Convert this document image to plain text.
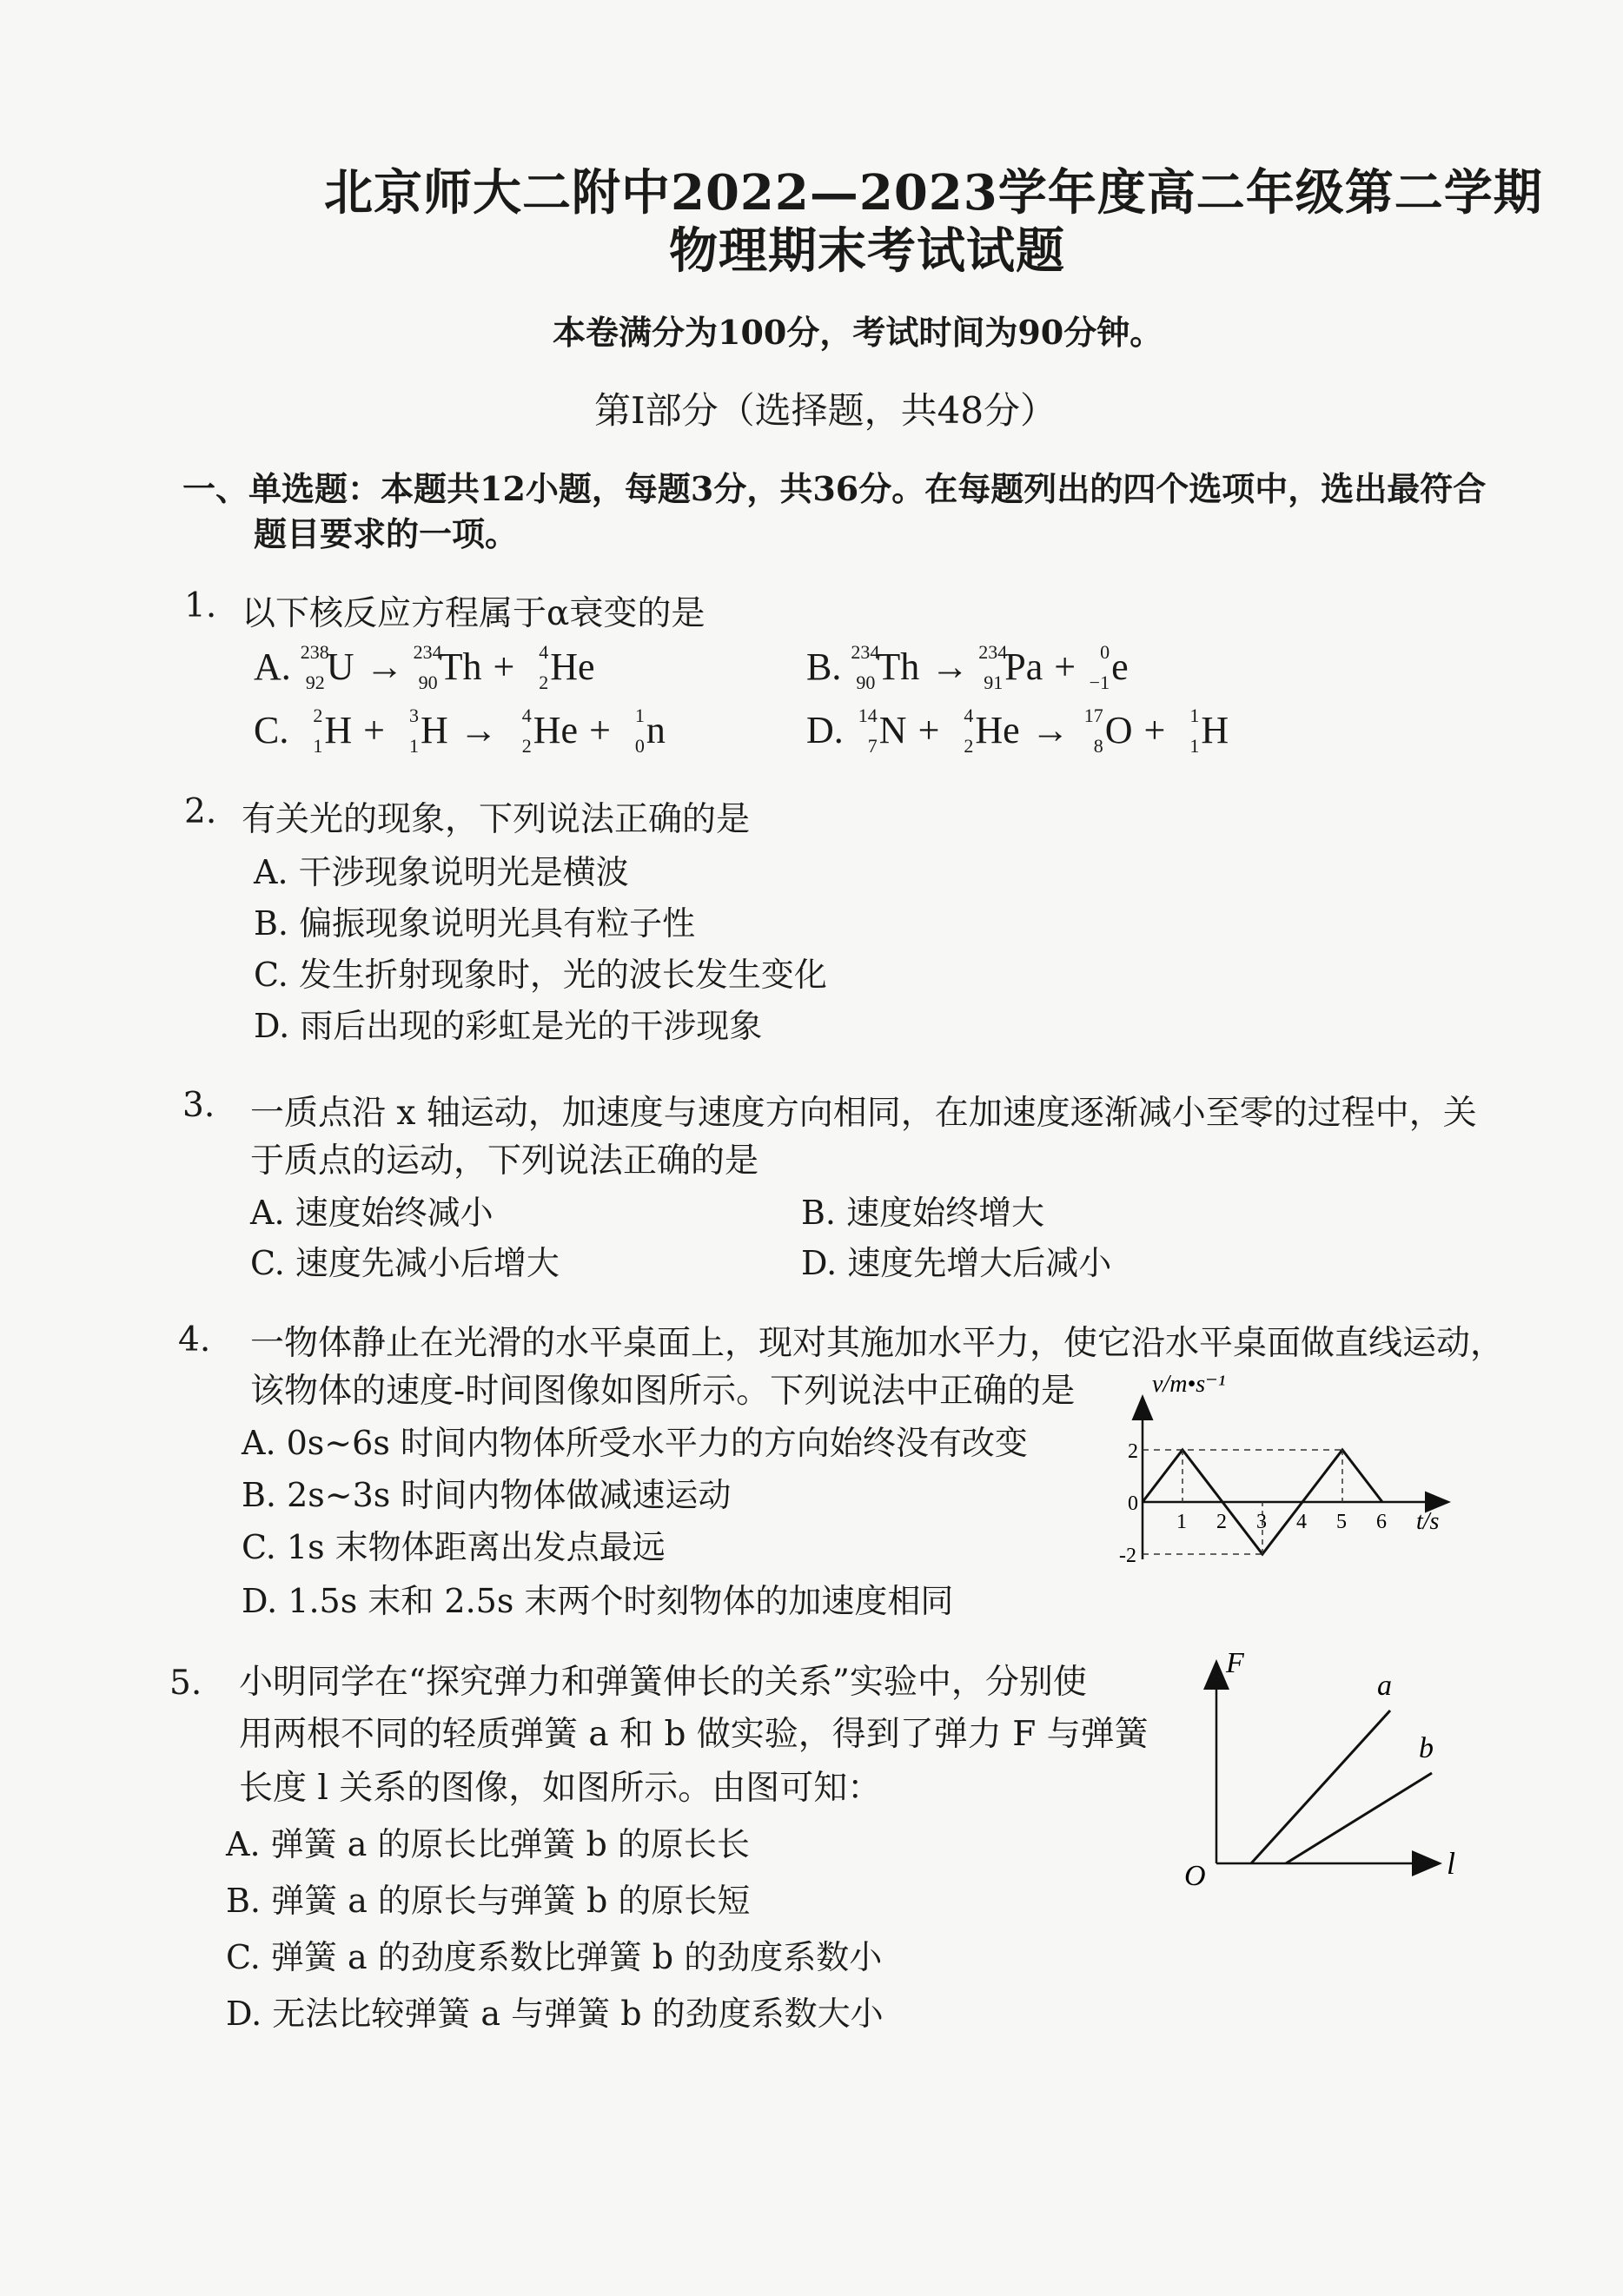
北京师大二附中2022—2023学年度高二年级第二学期
物理期末考试试题
本卷满分为100分，考试时间为90分钟。
第Ⅰ部分（选择题，共48分）
一、单选题：本题共12小题，每题3分，共36分。在每题列出的四个选项中，选出最符合
题目要求的一项。
1. 以下核反应方程属于α衰变的是
A. 238
92 U → 234
90 Th +	4
2 He	B. 234
90 Th → 234
91 Pa +	0
−1 e
C.	2
1 H +	3
1 H →	4
2 He +	1
0 n	D. 14
7 N +	4
2 He → 17
8 O +	1
1 H
2. 有关光的现象，下列说法正确的是
A. 干涉现象说明光是横波
B. 偏振现象说明光具有粒子性
C. 发生折射现象时，光的波长发生变化
D. 雨后出现的彩虹是光的干涉现象
3. 一质点沿 x 轴运动，加速度与速度方向相同，在加速度逐渐减小至零的过程中，关
于质点的运动，下列说法正确的是
A. 速度始终减小	B. 速度始终增大
C. 速度先减小后增大	D. 速度先增大后减小
4. 一物体静止在光滑的水平桌面上，现对其施加水平力，使它沿水平桌面做直线运动，
该物体的速度-时间图像如图所示。下列说法中正确的是
A. 0s~6s 时间内物体所受水平力的方向始终没有改变
B. 2s~3s 时间内物体做减速运动
C. 1s 末物体距离出发点最远
D. 1.5s 末和 2.5s 末两个时刻物体的加速度相同
1 2 3 4 5 6
2
0
-2
v/m•s⁻¹
t/s
5. 小明同学在“探究弹力和弹簧伸长的关系”实验中，分别使
用两根不同的轻质弹簧 a 和 b 做实验，得到了弹力 F 与弹簧
长度 l 关系的图像，如图所示。由图可知：
A. 弹簧 a 的原长比弹簧 b 的原长长
B. 弹簧 a 的原长与弹簧 b 的原长短
C. 弹簧 a 的劲度系数比弹簧 b 的劲度系数小
D. 无法比较弹簧 a 与弹簧 b 的劲度系数大小
a
b
F
l
O
